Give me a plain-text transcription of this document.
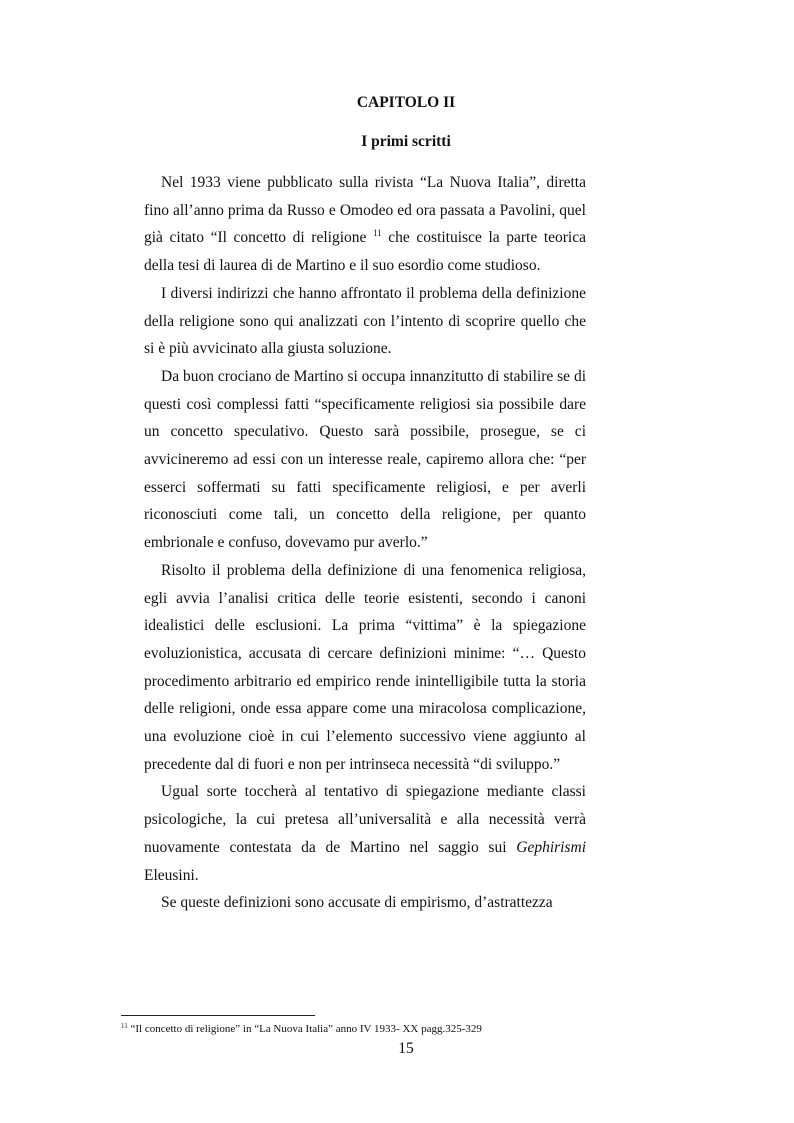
CAPITOLO II
I primi scritti

Nel 1933 viene pubblicato sulla rivista “La Nuova Italia”, diretta fino all’anno prima da Russo e Omodeo ed ora passata a Pavolini, quel già citato “Il concetto di religione $^{11}$ che costituisce la parte teorica della tesi di laurea di de Martino e il suo esordio come studioso.

I diversi indirizzi che hanno affrontato il problema della definizione della religione sono qui analizzati con l’intento di scoprire quello che si è più avvicinato alla giusta soluzione.

Da buon crociano de Martino si occupa innanzitutto di stabilire se di questi così complessi fatti “specificamente religiosi sia possibile dare un concetto speculativo. Questo sarà possibile, prosegue, se ci avvicineremo ad essi con un interesse reale, capiremo allora che: “per esserci soffermati su fatti specificamente religiosi, e per averli riconosciuti come tali, un concetto della religione, per quanto embrionale e confuso, dovevamo pur averlo.”

Risolto il problema della definizione di una fenomenica religiosa, egli avvia l’analisi critica delle teorie esistenti, secondo i canoni idealistici delle esclusioni. La prima “vittima” è la spiegazione evoluzionistica, accusata di cercare definizioni minime: “… Questo procedimento arbitrario ed empirico rende inintelligibile tutta la storia delle religioni, onde essa appare come una miracolosa complicazione, una evoluzione cioè in cui l’elemento successivo viene aggiunto al precedente dal di fuori e non per intrinseca necessità “di sviluppo.”

Ugual sorte toccherà al tentativo di spiegazione mediante classi psicologiche, la cui pretesa all’universalità e alla necessità verrà nuovamente contestata da de Martino nel saggio sui Gephirismi Eleusini.

Se queste definizioni sono accusate di empirismo, d’astrattezza

$^{11}$ “Il concetto di religione” in “La Nuova Italia” anno IV 1933- XX pagg.325-329
15
